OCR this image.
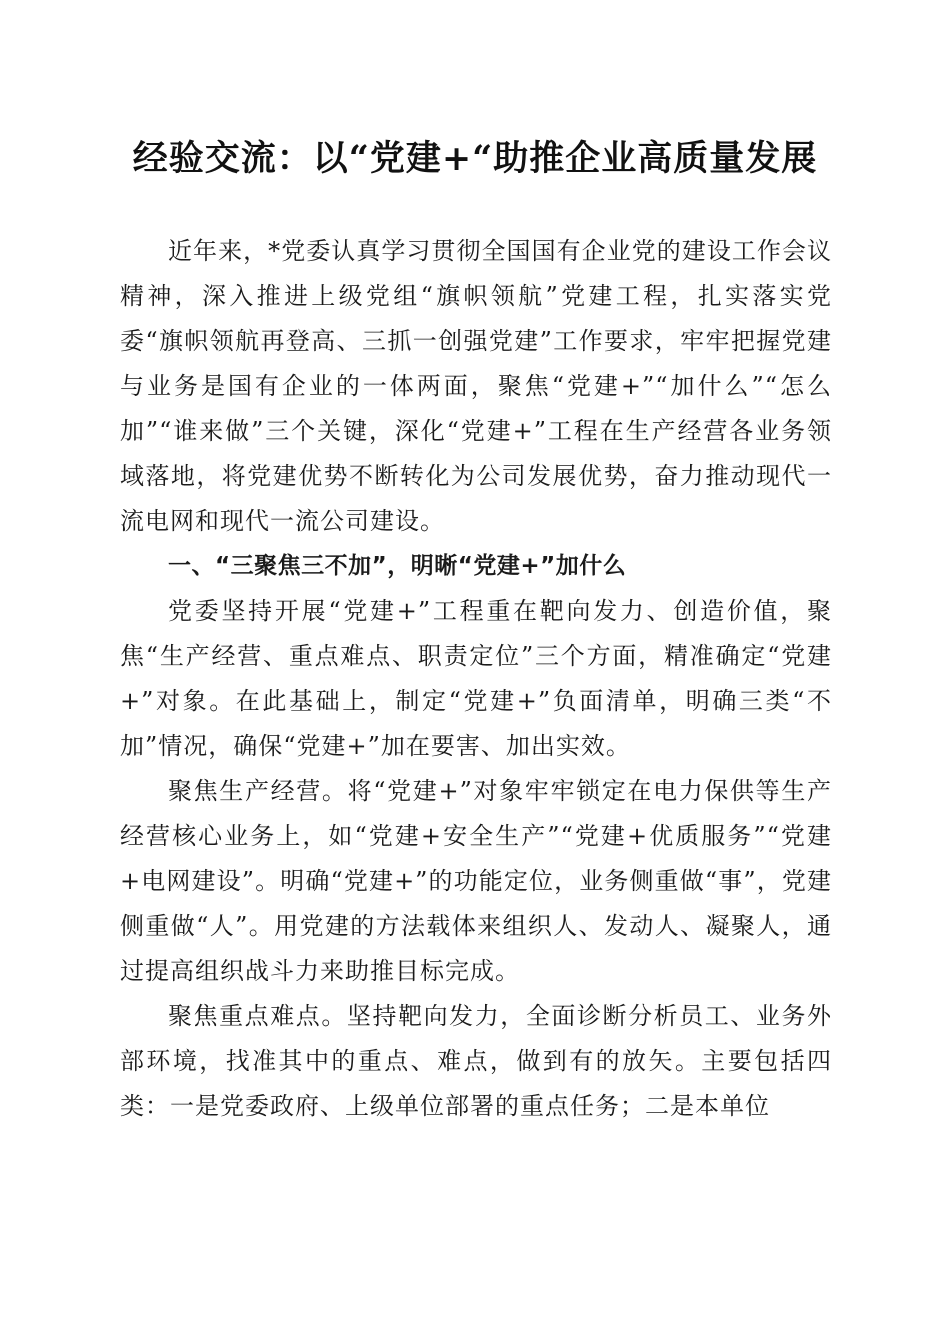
经验交流：以“党建+“助推企业高质量发展

近年来，*党委认真学习贯彻全国国有企业党的建设工作会议精神，深入推进上级党组“旗帜领航”党建工程，扎实落实党委“旗帜领航再登高、三抓一创强党建”工作要求，牢牢把握党建与业务是国有企业的一体两面，聚焦“党建+”“加什么”“怎么加”“谁来做”三个关键，深化“党建+”工程在生产经营各业务领域落地，将党建优势不断转化为公司发展优势，奋力推动现代一流电网和现代一流公司建设。

一、“三聚焦三不加”，明晰“党建+”加什么

党委坚持开展“党建+”工程重在靶向发力、创造价值，聚焦“生产经营、重点难点、职责定位”三个方面，精准确定“党建+”对象。在此基础上，制定“党建+”负面清单，明确三类“不加”情况，确保“党建+”加在要害、加出实效。

聚焦生产经营。将“党建+”对象牢牢锁定在电力保供等生产经营核心业务上，如“党建+安全生产”“党建+优质服务”“党建+电网建设”。明确“党建+”的功能定位，业务侧重做“事”，党建侧重做“人”。用党建的方法载体来组织人、发动人、凝聚人，通过提高组织战斗力来助推目标完成。

聚焦重点难点。坚持靶向发力，全面诊断分析员工、业务外部环境，找准其中的重点、难点，做到有的放矢。主要包括四类：一是党委政府、上级单位部署的重点任务；二是本单位
